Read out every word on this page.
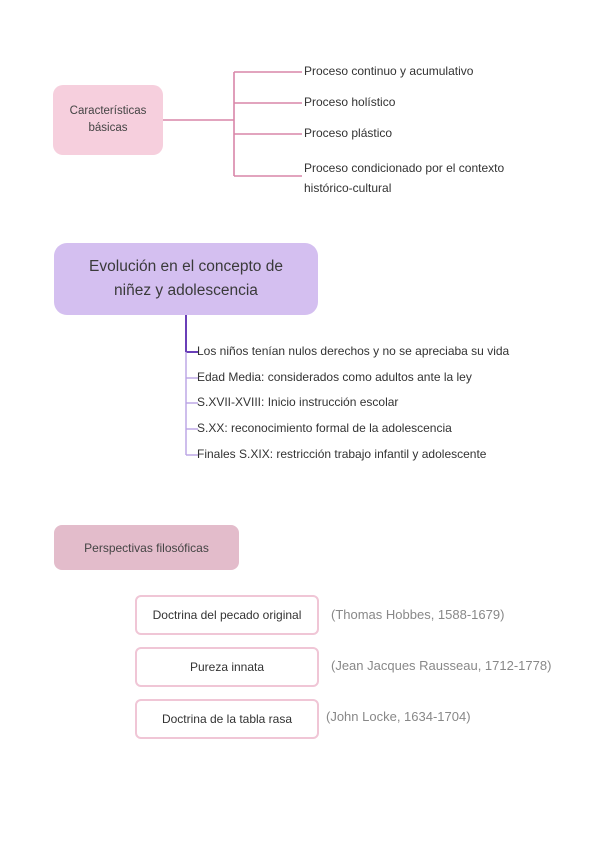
Características
básicas
Proceso continuo y acumulativo
Proceso holístico
Proceso plástico
Proceso condicionado por el contexto
histórico-cultural
Evolución en el concepto de
niñez y adolescencia
Los niños tenían nulos derechos y no se apreciaba su vida
Edad Media: considerados como adultos ante la ley
S.XVII-XVIII: Inicio instrucción escolar
S.XX: reconocimiento formal de la adolescencia
Finales S.XIX: restricción trabajo infantil y adolescente
Perspectivas filosóficas
Doctrina del pecado original (Thomas Hobbes, 1588-1679)
Pureza innata	(Jean Jacques Rausseau, 1712-1778)
Doctrina de la tabla rasa	(John Locke, 1634-1704)
